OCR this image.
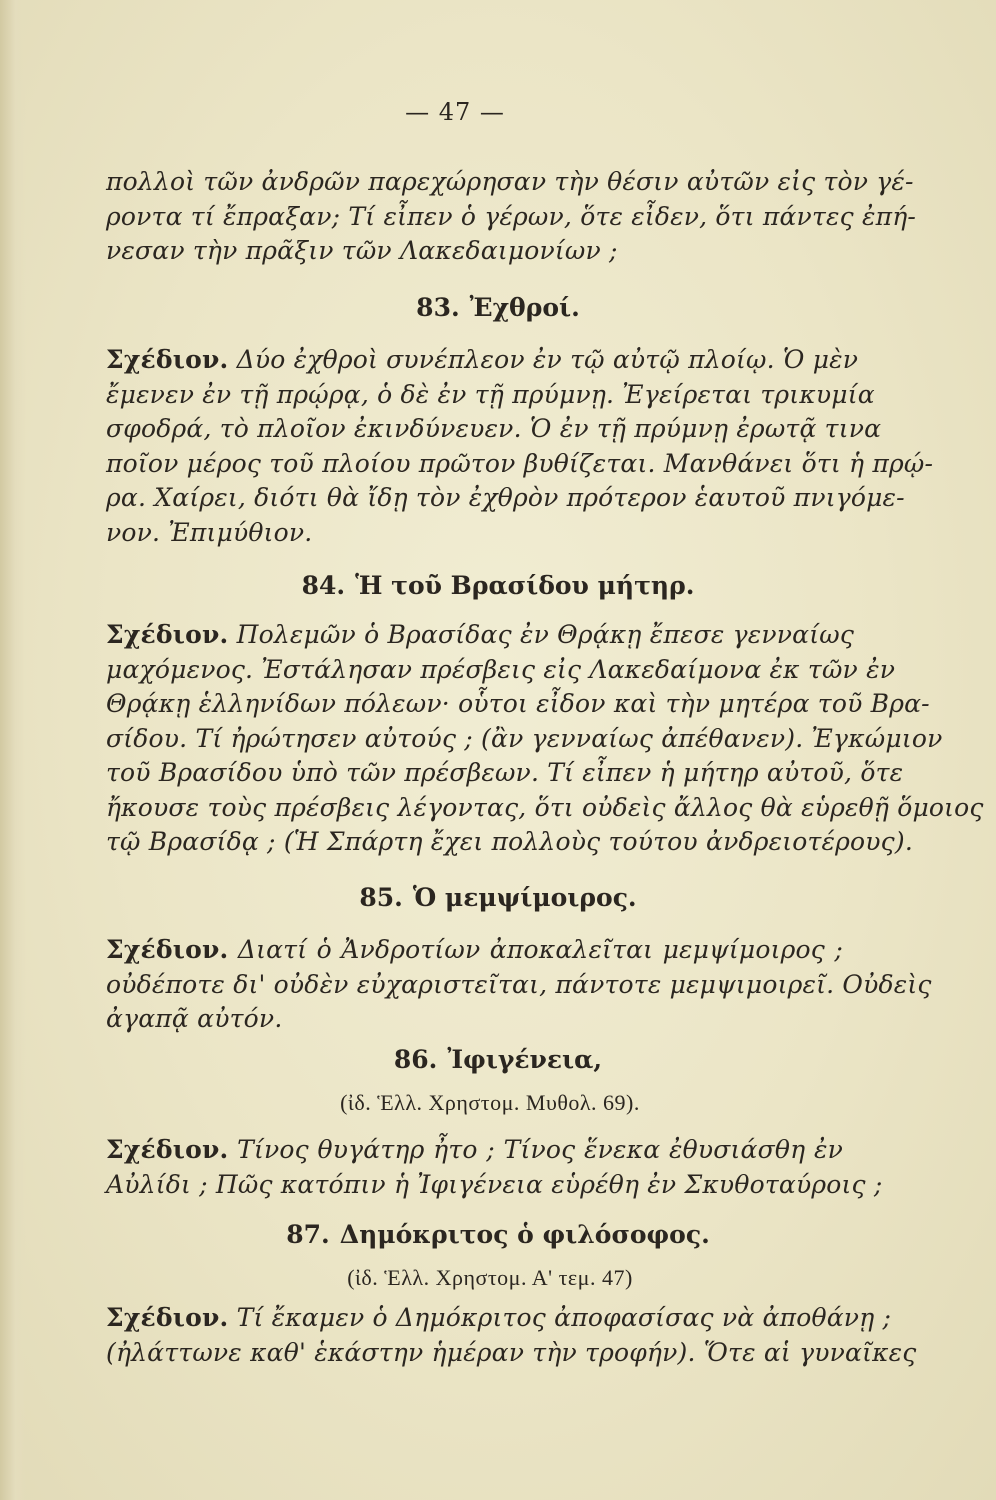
— 47 —
πολλοὶ τῶν ἀνδρῶν παρεχώρησαν τὴν θέσιν αὐτῶν εἰς τὸν γέ-
ροντα τί ἔπραξαν; Τί εἶπεν ὁ γέρων, ὅτε εἶδεν, ὅτι πάντες ἐπή-
νεσαν τὴν πρᾶξιν τῶν Λακεδαιμονίων ;
83. Ἐχθροί.
Σχέδιον. Δύο ἐχθροὶ συνέπλεον ἐν τῷ αὐτῷ πλοίῳ. Ὁ μὲν
ἔμενεν ἐν τῇ πρῴρᾳ, ὁ δὲ ἐν τῇ πρύμνῃ. Ἐγείρεται τρικυμία
σφοδρά, τὸ πλοῖον ἐκινδύνευεν. Ὁ ἐν τῇ πρύμνῃ ἐρωτᾷ τινα
ποῖον μέρος τοῦ πλοίου πρῶτον βυθίζεται. Μανθάνει ὅτι ἡ πρῴ-
ρα. Χαίρει, διότι θὰ ἴδῃ τὸν ἐχθρὸν πρότερον ἑαυτοῦ πνιγόμε-
νον. Ἐπιμύθιον.
84. Ἡ τοῦ Βρασίδου μήτηρ.
Σχέδιον. Πολεμῶν ὁ Βρασίδας ἐν Θρᾴκῃ ἔπεσε γενναίως
μαχόμενος. Ἐστάλησαν πρέσβεις εἰς Λακεδαίμονα ἐκ τῶν ἐν
Θρᾴκῃ ἑλληνίδων πόλεων· οὗτοι εἶδον καὶ τὴν μητέρα τοῦ Βρα-
σίδου. Τί ἠρώτησεν αὐτούς ; (ἂν γενναίως ἀπέθανεν). Ἐγκώμιον
τοῦ Βρασίδου ὑπὸ τῶν πρέσβεων. Τί εἶπεν ἡ μήτηρ αὐτοῦ, ὅτε
ἤκουσε τοὺς πρέσβεις λέγοντας, ὅτι οὐδεὶς ἄλλος θὰ εὑρεθῇ ὅμοιος
τῷ Βρασίδᾳ ; (Ἡ Σπάρτη ἔχει πολλοὺς τούτου ἀνδρειοτέρους).
85. Ὁ μεμψίμοιρος.
Σχέδιον. Διατί ὁ Ἀνδροτίων ἀποκαλεῖται μεμψίμοιρος ;
οὐδέποτε δι' οὐδὲν εὐχαριστεῖται, πάντοτε μεμψιμοιρεῖ. Οὐδεὶς
ἀγαπᾷ αὐτόν.
86. Ἰφιγένεια,
(ἰδ. Ἑλλ. Χρηστομ. Μυθολ. 69).
Σχέδιον. Τίνος θυγάτηρ ἦτο ; Τίνος ἕνεκα ἐθυσιάσθη ἐν
Αὐλίδι ; Πῶς κατόπιν ἡ Ἰφιγένεια εὑρέθη ἐν Σκυθοταύροις ;
87. Δημόκριτος ὁ φιλόσοφος.
(ἰδ. Ἑλλ. Χρηστομ. Α' τεμ. 47)
Σχέδιον. Τί ἔκαμεν ὁ Δημόκριτος ἀποφασίσας νὰ ἀποθάνῃ ;
(ἠλάττωνε καθ' ἑκάστην ἡμέραν τὴν τροφήν). Ὅτε αἱ γυναῖκες
